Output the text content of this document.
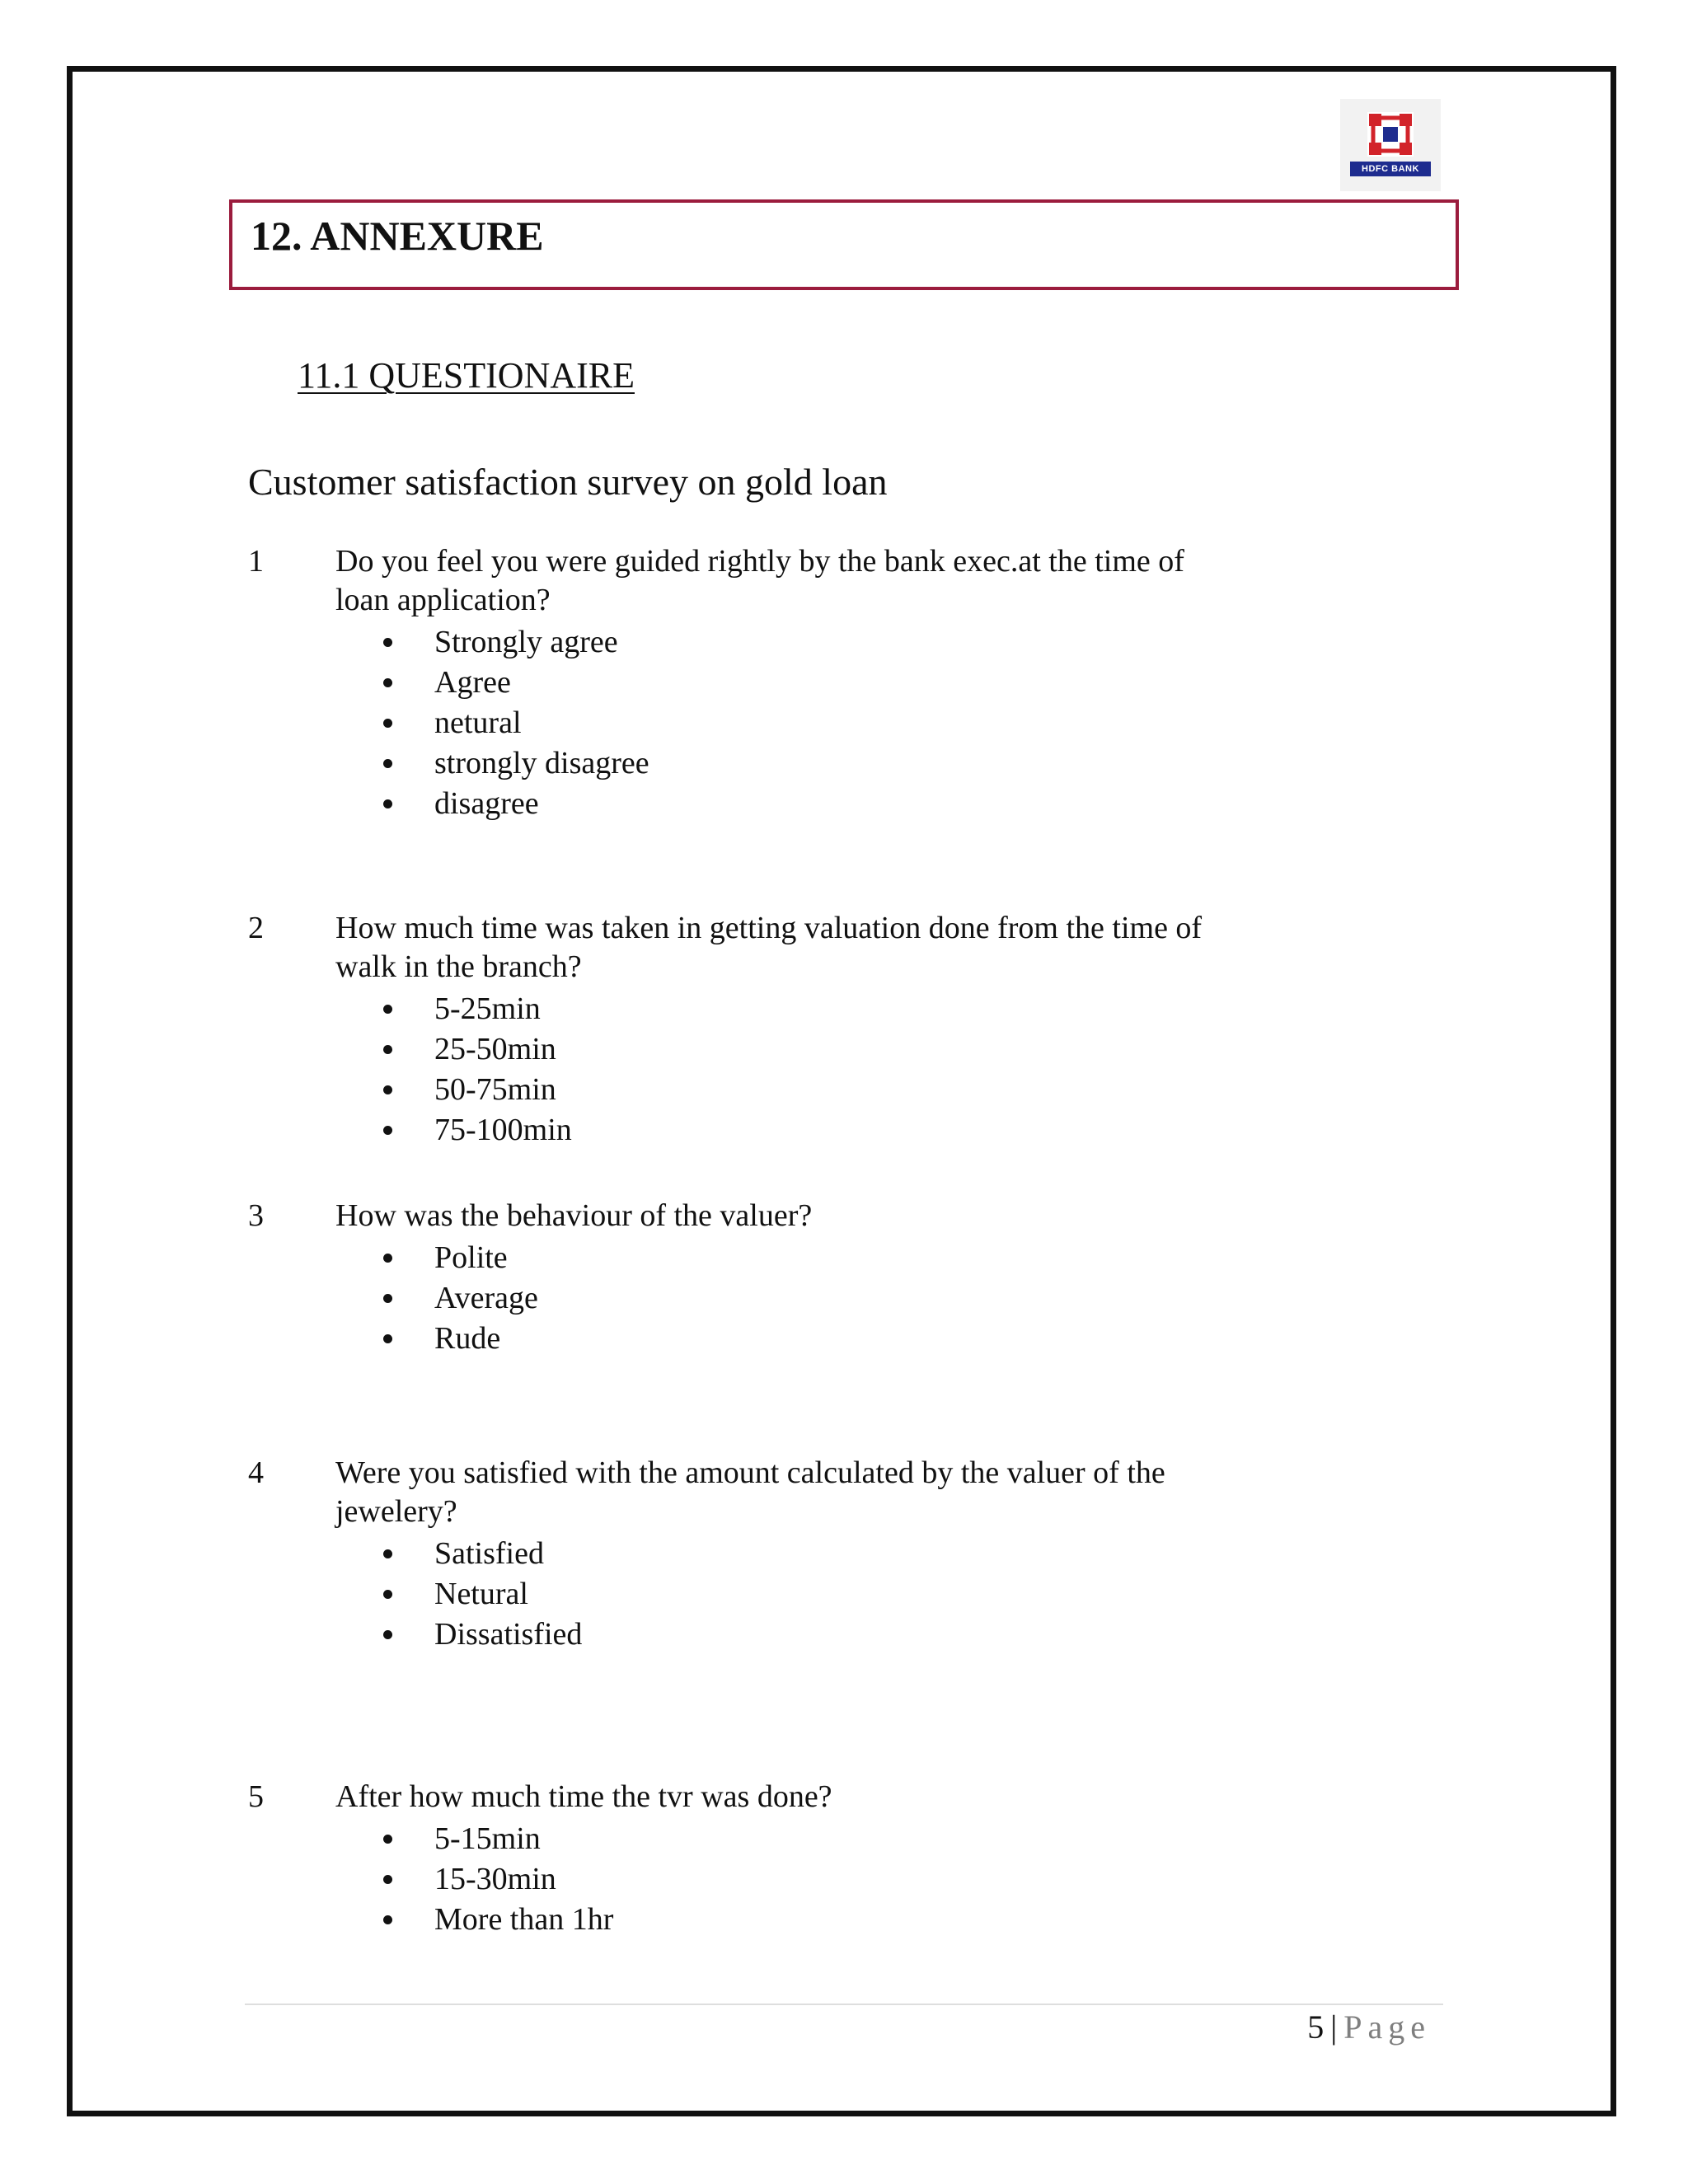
HDFC BANK
12. ANNEXURE
11.1 QUESTIONAIRE
Customer satisfaction survey on gold loan
1 Do you feel you were guided rightly by the bank exec.at the time of loan application?
Strongly agree
Agree
netural
strongly disagree
disagree
2 How much time was taken in getting valuation done from the time of walk in the branch?
5-25min
25-50min
50-75min
75-100min
3 How was the behaviour of the valuer?
Polite
Average
Rude
4 Were you satisfied with the amount calculated by the valuer of the jewelery?
Satisfied
Netural
Dissatisfied
5 After how much time the tvr was done?
5-15min
15-30min
More than 1hr
5 | Page
